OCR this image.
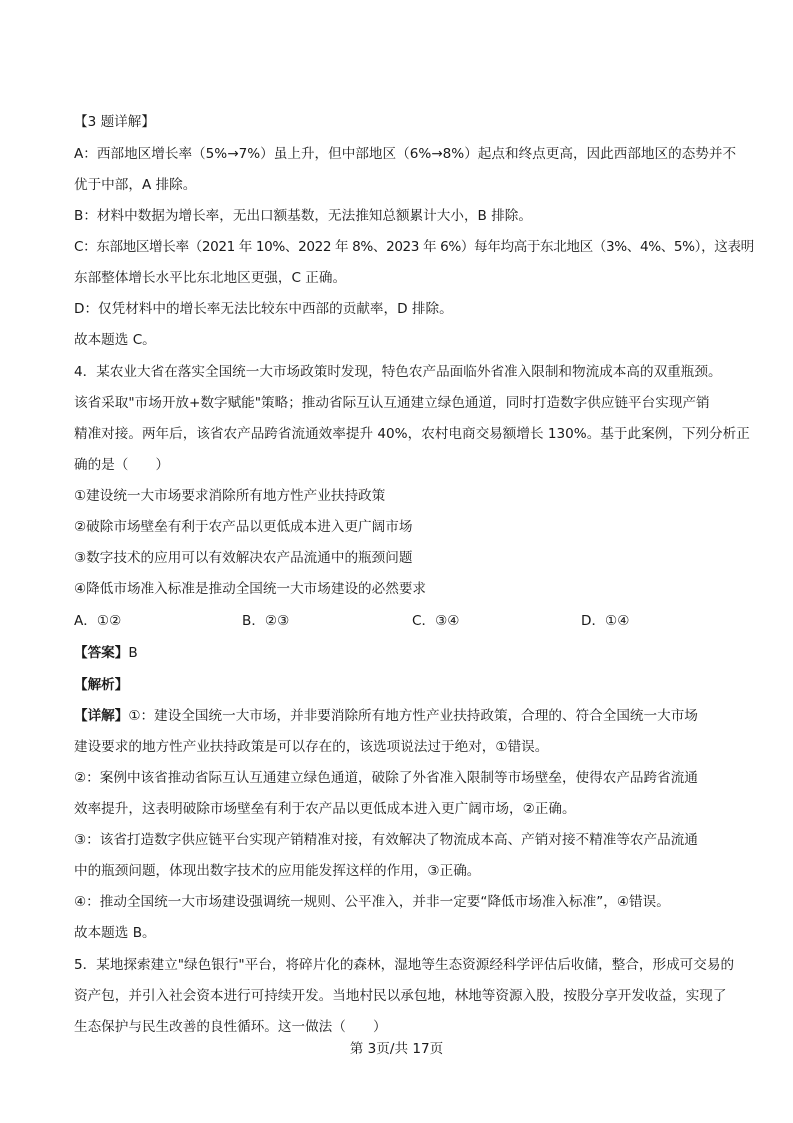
【3 题详解】
A：西部地区增长率（5%→7%）虽上升，但中部地区（6%→8%）起点和终点更高，因此西部地区的态势并不
优于中部，A 排除。
B：材料中数据为增长率，无出口额基数，无法推知总额累计大小，B 排除。
C：东部地区增长率（2021 年 10%、2022 年 8%、2023 年 6%）每年均高于东北地区（3%、4%、5%），这表明
东部整体增长水平比东北地区更强，C 正确。
D：仅凭材料中的增长率无法比较东中西部的贡献率，D 排除。
故本题选 C。
4．某农业大省在落实全国统一大市场政策时发现，特色农产品面临外省准入限制和物流成本高的双重瓶颈。
该省采取"市场开放+数字赋能"策略；推动省际互认互通建立绿色通道，同时打造数字供应链平台实现产销
精准对接。两年后，该省农产品跨省流通效率提升 40%，农村电商交易额增长 130%。基于此案例，下列分析正
确的是（　　）
①建设统一大市场要求消除所有地方性产业扶持政策
②破除市场壁垒有利于农产品以更低成本进入更广阔市场
③数字技术的应用可以有效解决农产品流通中的瓶颈问题
④降低市场准入标准是推动全国统一大市场建设的必然要求
A．①②	B．②③	C．③④	D．①④
【答案】B
【解析】
【详解】①：建设全国统一大市场，并非要消除所有地方性产业扶持政策，合理的、符合全国统一大市场
建设要求的地方性产业扶持政策是可以存在的，该选项说法过于绝对，①错误。
②：案例中该省推动省际互认互通建立绿色通道，破除了外省准入限制等市场壁垒，使得农产品跨省流通
效率提升，这表明破除市场壁垒有利于农产品以更低成本进入更广阔市场，②正确。
③：该省打造数字供应链平台实现产销精准对接，有效解决了物流成本高、产销对接不精准等农产品流通
中的瓶颈问题，体现出数字技术的应用能发挥这样的作用，③正确。
④：推动全国统一大市场建设强调统一规则、公平准入，并非一定要“降低市场准入标准”，④错误。
故本题选 B。
5．某地探索建立"绿色银行"平台，将碎片化的森林，湿地等生态资源经科学评估后收储，整合，形成可交易的
资产包，并引入社会资本进行可持续开发。当地村民以承包地，林地等资源入股，按股分享开发收益，实现了
生态保护与民生改善的良性循环。这一做法（　　）
第 3页/共 17页
